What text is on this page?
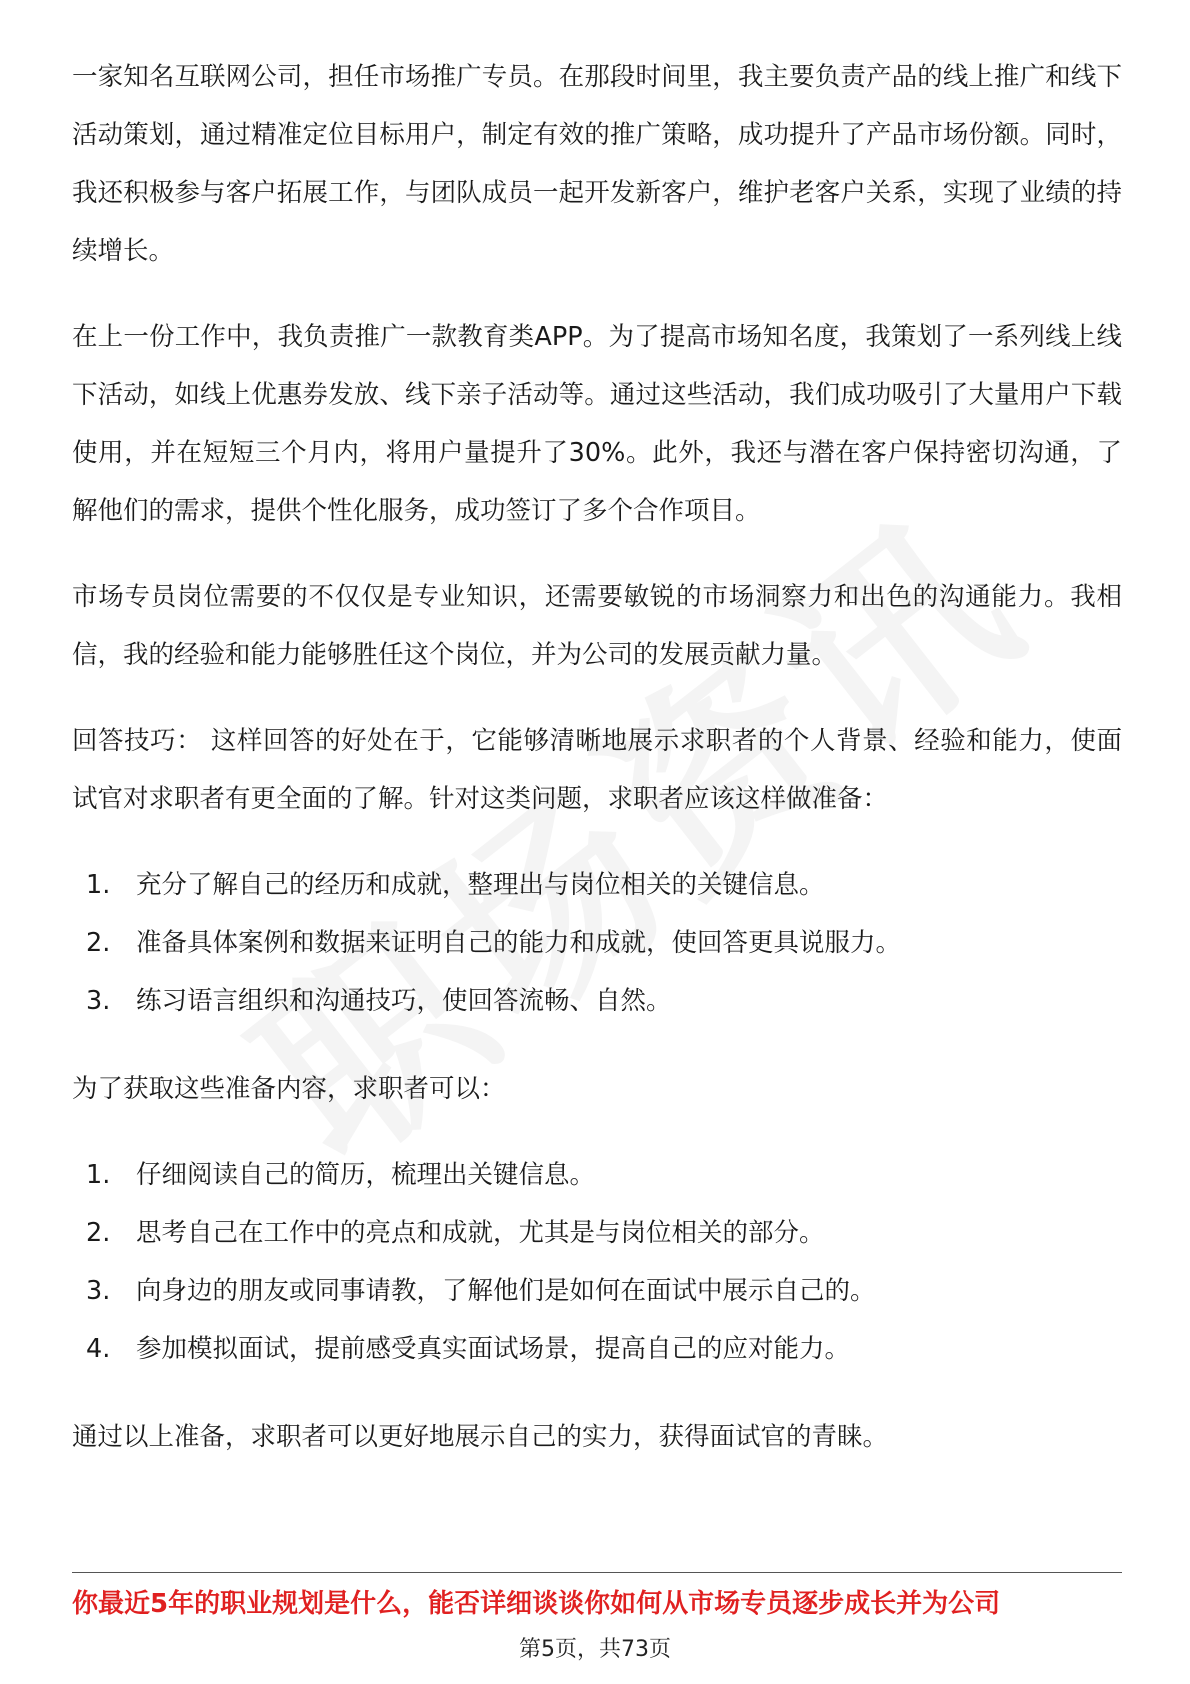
一家知名互联网公司，担任市场推广专员。在那段时间里，我主要负责产品的线上推广和线下活动策划，通过精准定位目标用户，制定有效的推广策略，成功提升了产品市场份额。同时，我还积极参与客户拓展工作，与团队成员一起开发新客户，维护老客户关系，实现了业绩的持续增长。

在上一份工作中，我负责推广一款教育类APP。为了提高市场知名度，我策划了一系列线上线下活动，如线上优惠券发放、线下亲子活动等。通过这些活动，我们成功吸引了大量用户下载使用，并在短短三个月内，将用户量提升了30%。此外，我还与潜在客户保持密切沟通，了解他们的需求，提供个性化服务，成功签订了多个合作项目。

市场专员岗位需要的不仅仅是专业知识，还需要敏锐的市场洞察力和出色的沟通能力。我相信，我的经验和能力能够胜任这个岗位，并为公司的发展贡献力量。

回答技巧： 这样回答的好处在于，它能够清晰地展示求职者的个人背景、经验和能力，使面试官对求职者有更全面的了解。针对这类问题，求职者应该这样做准备：

1.	充分了解自己的经历和成就，整理出与岗位相关的关键信息。
2.	准备具体案例和数据来证明自己的能力和成就，使回答更具说服力。
3.	练习语言组织和沟通技巧，使回答流畅、自然。

为了获取这些准备内容，求职者可以：

1.	仔细阅读自己的简历，梳理出关键信息。
2.	思考自己在工作中的亮点和成就，尤其是与岗位相关的部分。
3.	向身边的朋友或同事请教，了解他们是如何在面试中展示自己的。
4.	参加模拟面试，提前感受真实面试场景，提高自己的应对能力。

通过以上准备，求职者可以更好地展示自己的实力，获得面试官的青睐。

你最近5年的职业规划是什么，能否详细谈谈你如何从市场专员逐步成长并为公司
第5页，共73页
